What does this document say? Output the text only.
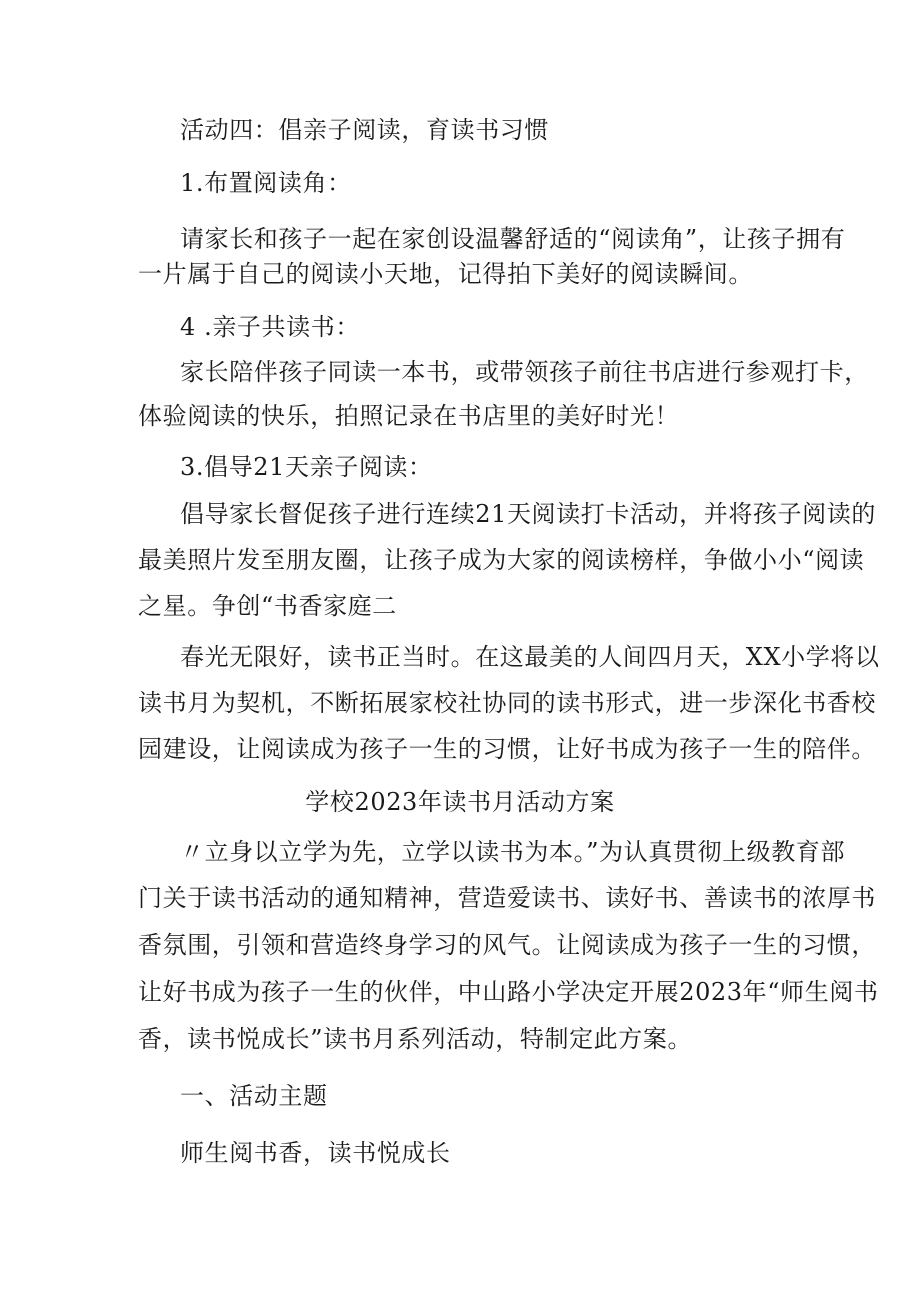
活动四：倡亲子阅读，育读书习惯
1.布置阅读角：
请家长和孩子一起在家创设温馨舒适的“阅读角”，让孩子拥有
一片属于自己的阅读小天地，记得拍下美好的阅读瞬间。
4 .亲子共读书：
家长陪伴孩子同读一本书，或带领孩子前往书店进行参观打卡，
体验阅读的快乐，拍照记录在书店里的美好时光！
3.倡导21天亲子阅读：
倡导家长督促孩子进行连续21天阅读打卡活动，并将孩子阅读的
最美照片发至朋友圈，让孩子成为大家的阅读榜样，争做小小“阅读
之星。争创“书香家庭二
春光无限好，读书正当时。在这最美的人间四月天，XX小学将以
读书月为契机，不断拓展家校社协同的读书形式，进一步深化书香校
园建设，让阅读成为孩子一生的习惯，让好书成为孩子一生的陪伴。
学校2023年读书月活动方案
〃立身以立学为先，立学以读书为本。”为认真贯彻上级教育部
门关于读书活动的通知精神，营造爱读书、读好书、善读书的浓厚书
香氛围，引领和营造终身学习的风气。让阅读成为孩子一生的习惯，
让好书成为孩子一生的伙伴，中山路小学决定开展2023年“师生阅书
香，读书悦成长”读书月系列活动，特制定此方案。
一、活动主题
师生阅书香，读书悦成长
